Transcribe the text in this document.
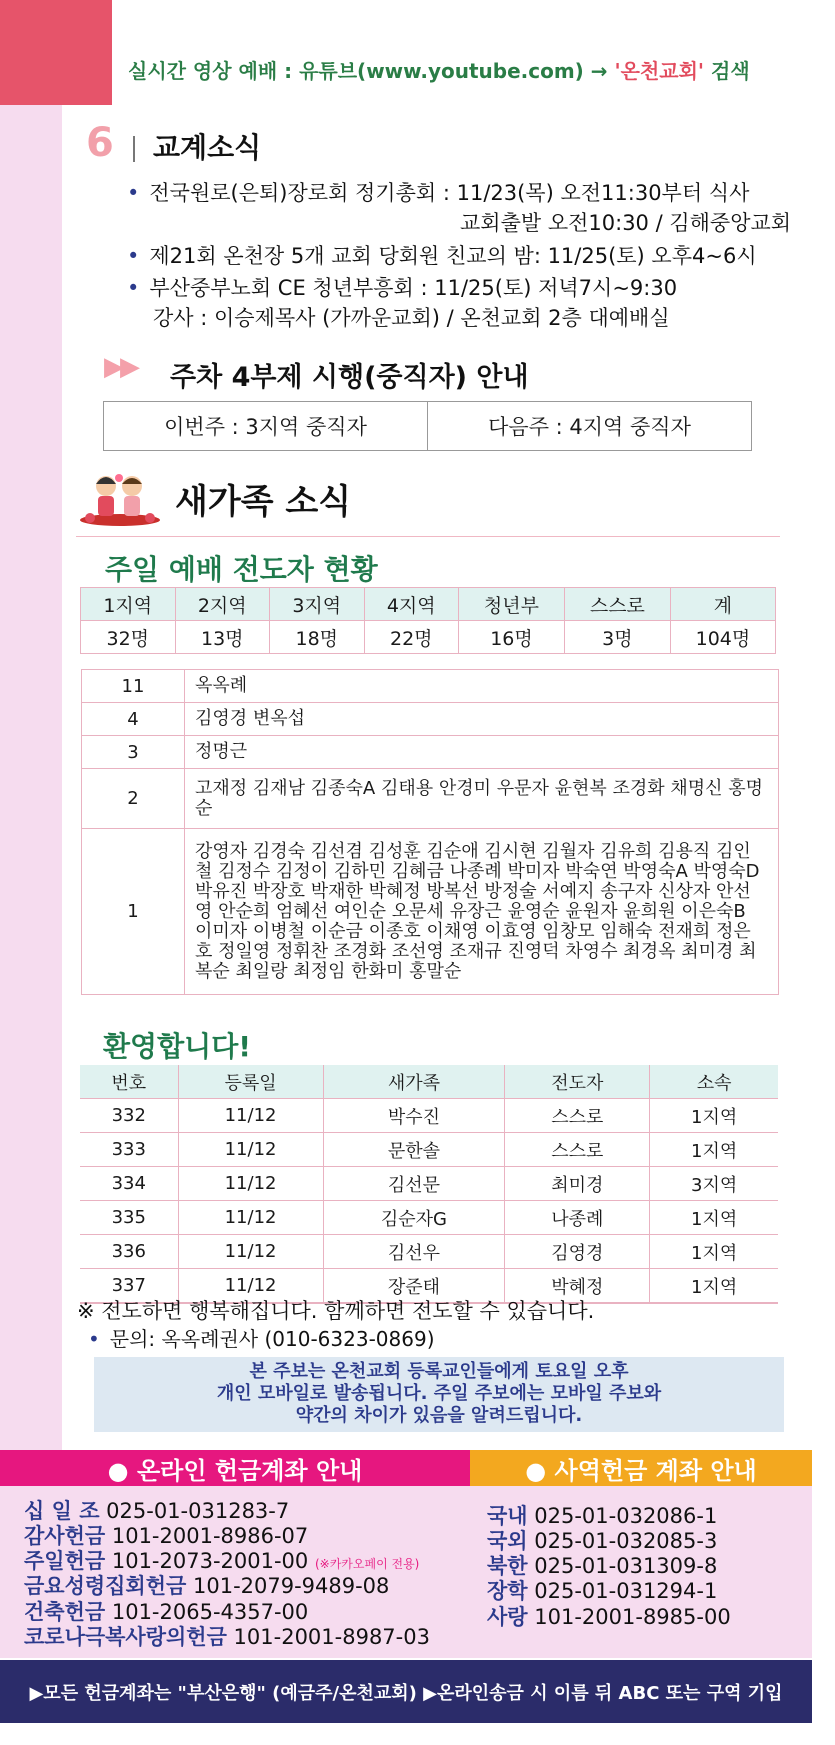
실시간 영상 예배 : 유튜브(www.youtube.com) → '온천교회' 검색
6 교계소식
• 전국원로(은퇴)장로회 정기총회 : 11/23(목) 오전11:30부터 식사
교회출발 오전10:30 / 김해중앙교회
• 제21회 온천장 5개 교회 당회원 친교의 밤: 11/25(토) 오후4~6시
• 부산중부노회 CE 청년부흥회 : 11/25(토) 저녁7시~9:30
강사 : 이승제목사 (가까운교회) / 온천교회 2층 대예배실
▶▶ 주차 4부제 시행(중직자) 안내
이번주 : 3지역 중직자	다음주 : 4지역 중직자
새가족 소식
주일 예배 전도자 현황
1지역	2지역	3지역	4지역	청년부	스스로	계
32명	13명	18명	22명	16명	3명	104명
11	옥옥례
4	김영경 변옥섭
3	정명근
2	고재정 김재남 김종숙A 김태용 안경미 우문자 윤현복 조경화 채명신 홍명순
1	강영자 김경숙 김선겸 김성훈 김순애 김시현 김월자 김유희 김용직 김인철 김정수 김정이 김하민 김혜금 나종례 박미자 박숙연 박영숙A 박영숙D 박유진 박장호 박재한 박혜정 방복선 방정술 서예지 송구자 신상자 안선영 안순희 엄혜선 여인순 오문세 유장근 윤영순 윤원자 윤희원 이은숙B 이미자 이병철 이순금 이종호 이채영 이효영 임창모 임해숙 전재희 정은호 정일영 정휘찬 조경화 조선영 조재규 진영덕 차영수 최경옥 최미경 최복순 최일랑 최정임 한화미 홍말순
환영합니다!
번호	등록일	새가족	전도자	소속
332	11/12	박수진	스스로	1지역
333	11/12	문한솔	스스로	1지역
334	11/12	김선문	최미경	3지역
335	11/12	김순자G	나종례	1지역
336	11/12	김선우	김영경	1지역
337	11/12	장준태	박혜정	1지역
※ 전도하면 행복해집니다. 함께하면 전도할 수 있습니다.
• 문의: 옥옥례권사 (010-6323-0869)
본 주보는 온천교회 등록교인들에게 토요일 오후
개인 모바일로 발송됩니다. 주일 주보에는 모바일 주보와
약간의 차이가 있음을 알려드립니다.
● 온라인 헌금계좌 안내	● 사역헌금 계좌 안내
십 일 조 025-01-031283-7
감사헌금 101-2001-8986-07
주일헌금 101-2073-2001-00 (※카카오페이 전용)
금요성령집회헌금 101-2079-9489-08
건축헌금 101-2065-4357-00
코로나극복사랑의헌금 101-2001-8987-03
국내 025-01-032086-1
국외 025-01-032085-3
북한 025-01-031309-8
장학 025-01-031294-1
사랑 101-2001-8985-00
▶모든 헌금계좌는 "부산은행" (예금주/온천교회) ▶온라인송금 시 이름 뒤 ABC 또는 구역 기입
